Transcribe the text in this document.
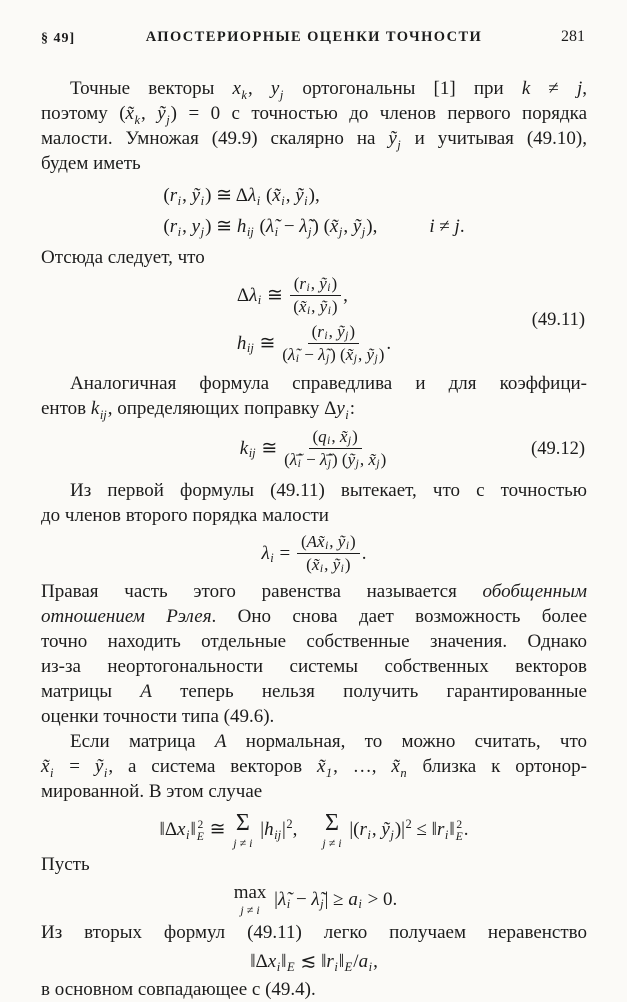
§ 49]	АПОСТЕРИОРНЫЕ ОЦЕНКИ ТОЧНОСТИ	281
Точные векторы $x_k$, $y_j$ ортогональны [1] при k ≠ j,
поэтому ($x̃_k$, ỹ$_j$) = 0 с точностью до членов первого порядка
малости. Умножая (49.9) скалярно на ỹ$_j$ и учитывая (49.10),
будем иметь
( r i , ỹ i ) ≅ Δ λ i ( x̃ i , ỹ i ),
( r i , y j ) ≅ h ij ( λ̃ i − λ̃ j ) ( x̃ j , ỹ j ),	i ≠ j .
Отсюда следует, что
Δ λ i ≅ $\frac{\text{( r i , ỹ i )}}{\text{( x̃ i , ỹ i )}}$ ,
h ij ≅ $\frac{\text{( r i , ỹ j )}}{\text{( λ̃ i − λ̃ j ) ( x̃ j , ỹ j )}}$ .
(49.11)
Аналогичная формула справедлива и для коэффици-
ентов $k_{ij}$, определяющих поправку $\Delta y_i$:
k ij ≅ $\frac{\text{( q i , x̃ j )}}{\text{( λ̃̄ i − λ̃̄ j ) ( ỹ j , x̃ j )}}$	(49.12)
Из первой формулы (49.11) вытекает, что с точностью
до членов второго порядка малости
λ $i = \frac{\text{( A x̃ i , ỹ i )}}{\text{( x̃ i , ỹ i )}}$ .
Правая часть этого равенства называется обобщенным
отношением Рэлея. Оно снова дает возможность более
точно находить отдельные собственные значения. Однако
из-за неортогональности системы собственных векторов
матрицы A теперь нельзя получить гарантированные
оценки точности типа (49.6).
Если матрица A нормальная, то можно считать, что
$x̃_i$ = ỹ$_i$, а система векторов $x̃_1$, …, $x̃_n$ близка к ортонор-
мированной. В этом случае
‖Δ x i ‖ 2
E ≅ Σ
j ≠ i
| h ij | 2 , Σ
j ≠ i
|( r i , ỹ j )| 2 ≤ ‖ r i ‖ 2
E .
Пусть
max
j ≠ i
| λ̃ i − λ̃ j | ≥ a i > 0.
Из вторых формул (49.11) легко получаем неравенство
‖Δ x i ‖ E ≲ ‖ r i ‖ E / a i ,
в основном совпадающее с (49.4).
